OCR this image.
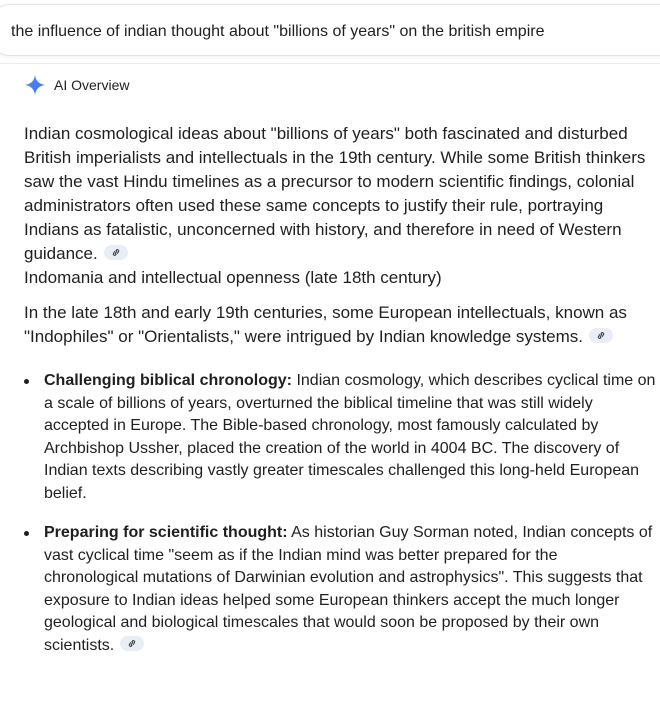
the influence of indian thought about "billions of years" on the british empire
AI Overview

Indian cosmological ideas about "billions of years" both fascinated and disturbed British imperialists and intellectuals in the 19th century. While some British thinkers saw the vast Hindu timelines as a precursor to modern scientific findings, colonial administrators often used these same concepts to justify their rule, portraying Indians as fatalistic, unconcerned with history, and therefore in need of Western guidance.

Indomania and intellectual openness (late 18th century)

In the late 18th and early 19th centuries, some European intellectuals, known as "Indophiles" or "Orientalists," were intrigued by Indian knowledge systems.

Challenging biblical chronology: Indian cosmology, which describes cyclical time on a scale of billions of years, overturned the biblical timeline that was still widely accepted in Europe. The Bible-based chronology, most famously calculated by Archbishop Ussher, placed the creation of the world in 4004 BC. The discovery of Indian texts describing vastly greater timescales challenged this long-held European belief.
Preparing for scientific thought: As historian Guy Sorman noted, Indian concepts of vast cyclical time "seem as if the Indian mind was better prepared for the chronological mutations of Darwinian evolution and astrophysics". This suggests that exposure to Indian ideas helped some European thinkers accept the much longer geological and biological timescales that would soon be proposed by their own scientists.
